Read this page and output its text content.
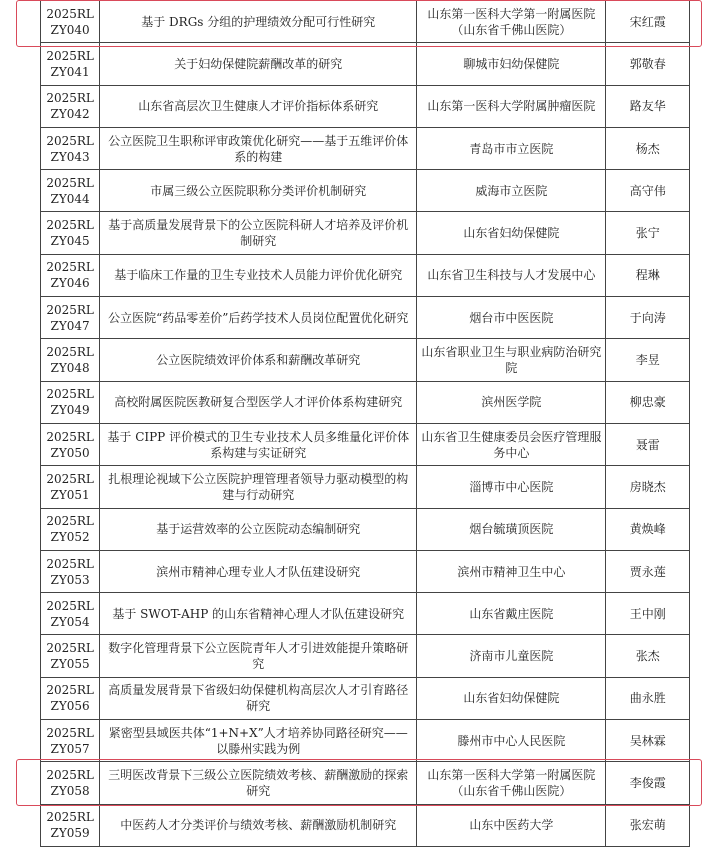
2025RL ZY040	基于 DRGs 分组的护理绩效分配可行性研究	山东第一医科大学第一附属医院（山东省千佛山医院）	宋红霞
2025RL ZY041	关于妇幼保健院薪酬改革的研究	聊城市妇幼保健院	郭敬春
2025RL ZY042	山东省高层次卫生健康人才评价指标体系研究	山东第一医科大学附属肿瘤医院	路友华
2025RL ZY043	公立医院卫生职称评审政策优化研究——基于五维评价体系的构建	青岛市市立医院	杨杰
2025RL ZY044	市属三级公立医院职称分类评价机制研究	威海市立医院	高守伟
2025RL ZY045	基于高质量发展背景下的公立医院科研人才培养及评价机制研究	山东省妇幼保健院	张宁
2025RL ZY046	基于临床工作量的卫生专业技术人员能力评价优化研究	山东省卫生科技与人才发展中心	程琳
2025RL ZY047	公立医院“药品零差价”后药学技术人员岗位配置优化研究	烟台市中医医院	于向涛
2025RL ZY048	公立医院绩效评价体系和薪酬改革研究	山东省职业卫生与职业病防治研究院	李昱
2025RL ZY049	高校附属医院医教研复合型医学人才评价体系构建研究	滨州医学院	柳忠豪
2025RL ZY050	基于 CIPP 评价模式的卫生专业技术人员多维量化评价体系构建与实证研究	山东省卫生健康委员会医疗管理服务中心	聂雷
2025RL ZY051	扎根理论视域下公立医院护理管理者领导力驱动模型的构建与行动研究	淄博市中心医院	房晓杰
2025RL ZY052	基于运营效率的公立医院动态编制研究	烟台毓璜顶医院	黄焕峰
2025RL ZY053	滨州市精神心理专业人才队伍建设研究	滨州市精神卫生中心	贾永莲
2025RL ZY054	基于 SWOT-AHP 的山东省精神心理人才队伍建设研究	山东省戴庄医院	王中刚
2025RL ZY055	数字化管理背景下公立医院青年人才引进效能提升策略研究	济南市儿童医院	张杰
2025RL ZY056	高质量发展背景下省级妇幼保健机构高层次人才引育路径研究	山东省妇幼保健院	曲永胜
2025RL ZY057	紧密型县域医共体“1+N+X”人才培养协同路径研究——以滕州实践为例	滕州市中心人民医院	吴林霖
2025RL ZY058	三明医改背景下三级公立医院绩效考核、薪酬激励的探索研究	山东第一医科大学第一附属医院（山东省千佛山医院）	李俊霞
2025RL ZY059	中医药人才分类评价与绩效考核、薪酬激励机制研究	山东中医药大学	张宏萌
